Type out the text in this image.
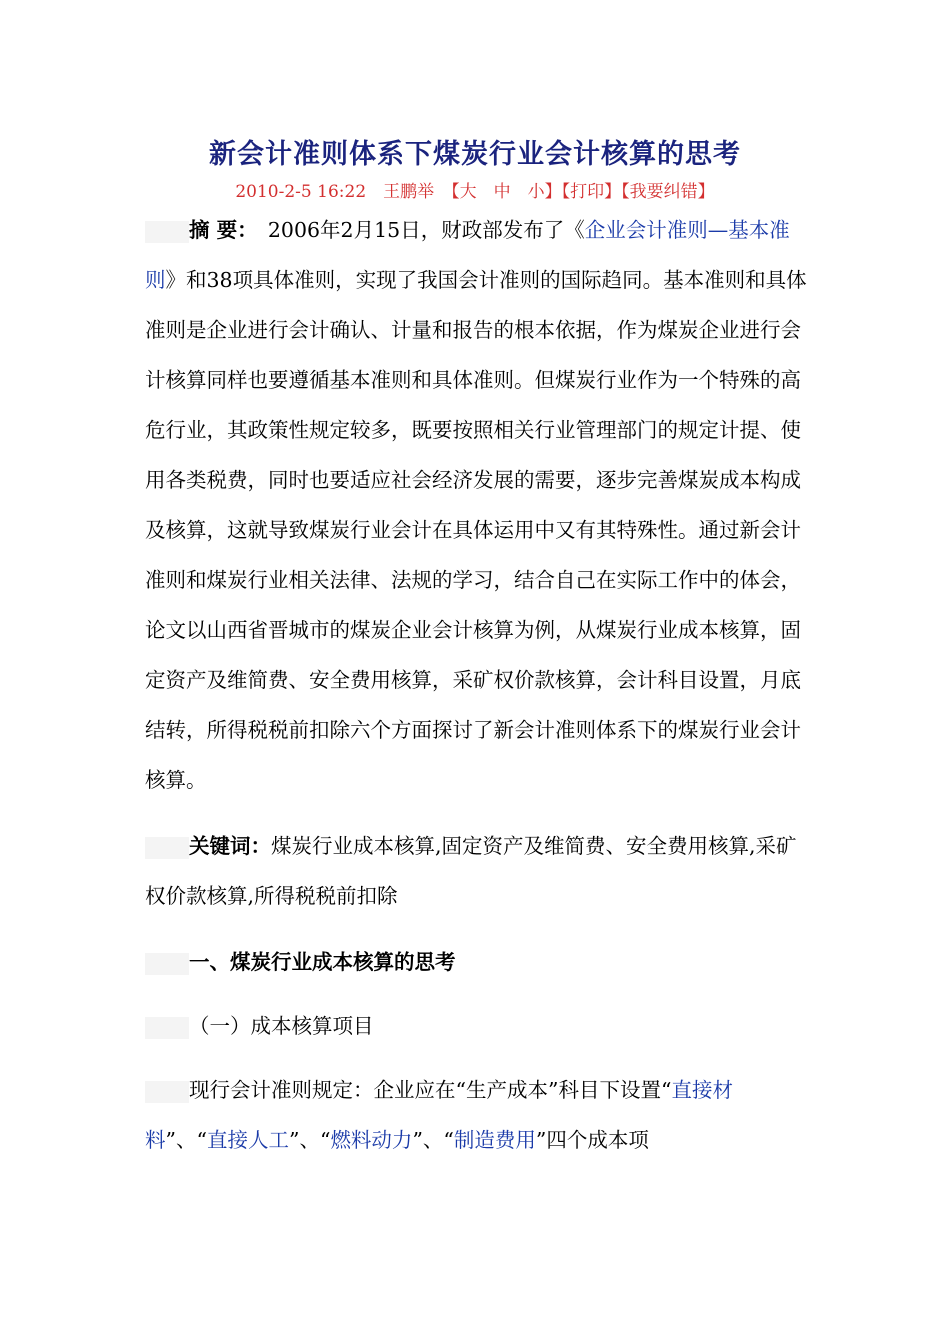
新会计准则体系下煤炭行业会计核算的思考
2010-2-5 16:22　 王鹏举　 【大　中　小】【打印】【我要纠错】

摘 要：　 2006年2月15日，财政部发布了《企业会计准则—基本准则》和38项具体准则，实现了我国会计准则的国际趋同。基本准则和具体准则是企业进行会计确认、计量和报告的根本依据，作为煤炭企业进行会计核算同样也要遵循基本准则和具体准则。但煤炭行业作为一个特殊的高危行业，其政策性规定较多，既要按照相关行业管理部门的规定计提、使用各类税费，同时也要适应社会经济发展的需要，逐步完善煤炭成本构成及核算，这就导致煤炭行业会计在具体运用中又有其特殊性。通过新会计准则和煤炭行业相关法律、法规的学习，结合自己在实际工作中的体会，论文以山西省晋城市的煤炭企业会计核算为例，从煤炭行业成本核算，固定资产及维简费、安全费用核算，采矿权价款核算，会计科目设置，月底结转，所得税税前扣除六个方面探讨了新会计准则体系下的煤炭行业会计核算。

关键词：煤炭行业成本核算,固定资产及维简费、安全费用核算,采矿权价款核算,所得税税前扣除

一、煤炭行业成本核算的思考

（一）成本核算项目

现行会计准则规定：企业应在“生产成本”科目下设置“直接材料”、“直接人工”、“燃料动力”、“制造费用”四个成本项
